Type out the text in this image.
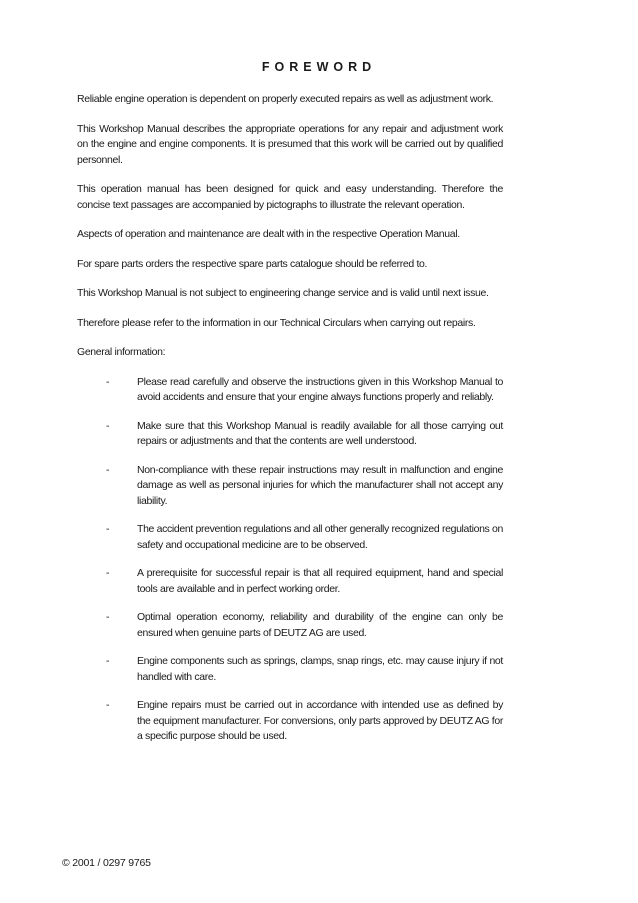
FOREWORD

Reliable engine operation is dependent on properly executed repairs as well as adjustment work.

This Workshop Manual describes the appropriate operations for any repair and adjustment work on the engine and engine components. It is presumed that this work will be carried out by qualified personnel.

This operation manual has been designed for quick and easy understanding. Therefore the concise text passages are accompanied by pictographs to illustrate the relevant operation.

Aspects of operation and maintenance are dealt with in the respective Operation Manual.

For spare parts orders the respective spare parts catalogue should be referred to.

This Workshop Manual is not subject to engineering change service and is valid until next issue.

Therefore please refer to the information in our Technical Circulars when carrying out repairs.

General information:

-	Please read carefully and observe the instructions given in this Workshop Manual to avoid accidents and ensure that your engine always functions properly and reliably.
-	Make sure that this Workshop Manual is readily available for all those carrying out repairs or adjustments and that the contents are well understood.
-	Non-compliance with these repair instructions may result in malfunction and engine damage as well as personal injuries for which the manufacturer shall not accept any liability.
-	The accident prevention regulations and all other generally recognized regulations on safety and occupational medicine are to be observed.
-	A prerequisite for successful repair is that all required equipment, hand and special tools are available and in perfect working order.
-	Optimal operation economy, reliability and durability of the engine can only be ensured when genuine parts of DEUTZ AG are used.
-	Engine components such as springs, clamps, snap rings, etc. may cause injury if not handled with care.
-	Engine repairs must be carried out in accordance with intended use as defined by the equipment manufacturer. For conversions, only parts approved by DEUTZ AG for a specific purpose should be used.
© 2001 / 0297 9765
